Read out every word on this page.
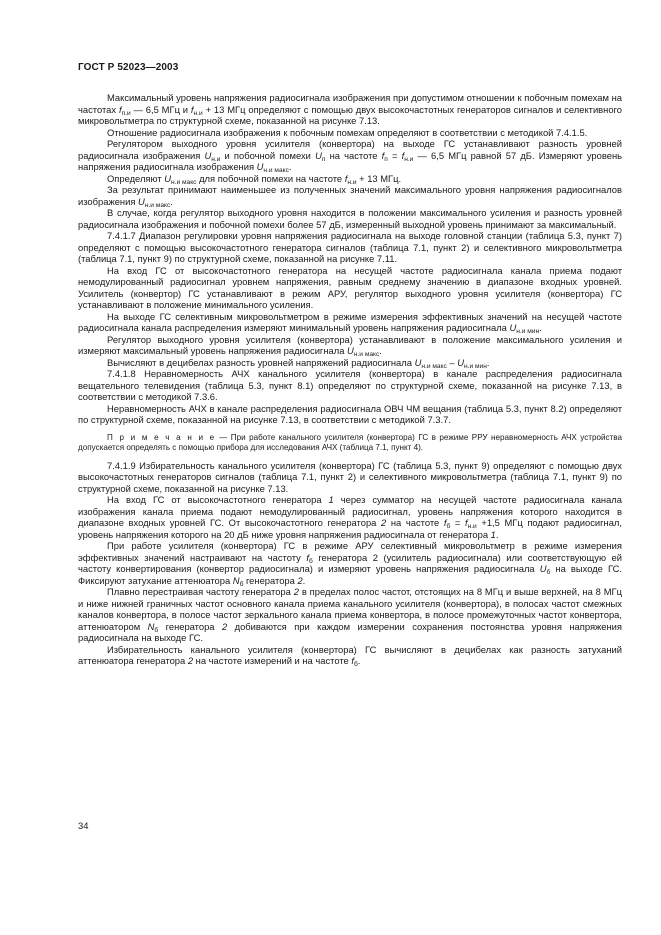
ГОСТ Р 52023—2003

Максимальный уровень напряжения радиосигнала изображения при допустимом отношении к побочным помехам на частотах $f_{п.и}$ — 6,5 МГц и $f_{н.и} + 13$ МГц определяют с помощью двух высокочастотных генераторов сигналов и селективного микровольтметра по структурной схеме, показанной на рисунке 7.13.

Отношение радиосигнала изображения к побочным помехам определяют в соответствии с методикой 7.4.1.5.

Регулятором выходного уровня усилителя (конвертора) на выходе ГС устанавливают разность уровней радиосигнала изображения $U_{н.и}$ и побочной помехи $U_п$ на частоте $f_п = f_{н.и}$ — 6,5 МГц равной 57 дБ. Измеряют уровень напряжения радиосигнала изображения $U_{н.и макс}$.

Определяют $U_{н.и макс}$ для побочной помехи на частоте $f_{н.и} + 13$ МГц.

За результат принимают наименьшее из полученных значений максимального уровня напряжения радиосигналов изображения $U_{н.и макс}$.

В случае, когда регулятор выходного уровня находится в положении максимального усиления и разность уровней радиосигнала изображения и побочной помехи более 57 дБ, измеренный выходной уровень принимают за максимальный.

7.4.1.7 Диапазон регулировки уровня напряжения радиосигнала на выходе головной станции (таблица 5.3, пункт 7) определяют с помощью высокочастотного генератора сигналов (таблица 7.1, пункт 2) и селективного микровольтметра (таблица 7.1, пункт 9) по структурной схеме, показанной на рисунке 7.11.

На вход ГС от высокочастотного генератора на несущей частоте радиосигнала канала приема подают немодулированный радиосигнал уровнем напряжения, равным среднему значению в диапазоне входных уровней. Усилитель (конвертор) ГС устанавливают в режим АРУ, регулятор выходного уровня усилителя (конвертора) ГС устанавливают в положение минимального усиления.

На выходе ГС селективным микровольтметром в режиме измерения эффективных значений на несущей частоте радиосигнала канала распределения измеряют минимальный уровень напряжения радиосигнала $U_{н.и мин}$.

Регулятор выходного уровня усилителя (конвертора) устанавливают в положение максимального усиления и измеряют максимальный уровень напряжения радиосигнала $U_{н.и макс}$.

Вычисляют в децибелах разность уровней напряжений радиосигнала $U_{н.и макс} - U_{н.и мин}$.

7.4.1.8 Неравномерность АЧХ канального усилителя (конвертора) в канале распределения радиосигнала вещательного телевидения (таблица 5.3, пункт 8.1) определяют по структурной схеме, показанной на рисунке 7.13, в соответствии с методикой 7.3.6.

Неравномерность АЧХ в канале распределения радиосигнала ОВЧ ЧМ вещания (таблица 5.3, пункт 8.2) определяют по структурной схеме, показанной на рисунке 7.13, в соответствии с методикой 7.3.7.

П р и м е ч а н и е — При работе канального усилителя (конвертора) ГС в режиме РРУ неравномерность АЧХ устройства допускается определять с помощью прибора для исследования АЧХ (таблица 7.1, пункт 4).

7.4.1.9 Избирательность канального усилителя (конвертора) ГС (таблица 5.3, пункт 9) определяют с помощью двух высокочастотных генераторов сигналов (таблица 7.1, пункт 2) и селективного микровольтметра (таблица 7.1, пункт 9) по структурной схеме, показанной на рисунке 7.13.

На вход ГС от высокочастотного генератора 1 через сумматор на несущей частоте радиосигнала канала изображения канала приема подают немодулированный радиосигнал, уровень напряжения которого находится в диапазоне входных уровней ГС. От высокочастотного генератора 2 на частоте $f_б = f_{н.и} +1,5$ МГц подают радиосигнал, уровень напряжения которого на 20 дБ ниже уровня напряжения радиосигнала от генератора 1.

При работе усилителя (конвертора) ГС в режиме АРУ селективный микровольтметр в режиме измерения эффективных значений настраивают на частоту $f_б$ генератора 2 (усилитель радиосигнала) или соответствующую ей частоту конвертирования (конвертор радиосигнала) и измеряют уровень напряжения радиосигнала $U_б$ на выходе ГС. Фиксируют затухание аттенюатора $N_б$ генератора 2.

Плавно перестраивая частоту генератора 2 в пределах полос частот, отстоящих на 8 МГц и выше верхней, на 8 МГц и ниже нижней граничных частот основного канала приема канального усилителя (конвертора), в полосах частот смежных каналов конвертора, в полосе частот зеркального канала приема конвертора, в полосе промежуточных частот конвертора, аттенюатором $N_б$ генератора 2 добиваются при каждом измерении сохранения постоянства уровня напряжения радиосигнала на выходе ГС.

Избирательность канального усилителя (конвертора) ГС вычисляют в децибелах как разность затуханий аттенюатора генератора 2 на частоте измерений и на частоте $f_б$.

34
